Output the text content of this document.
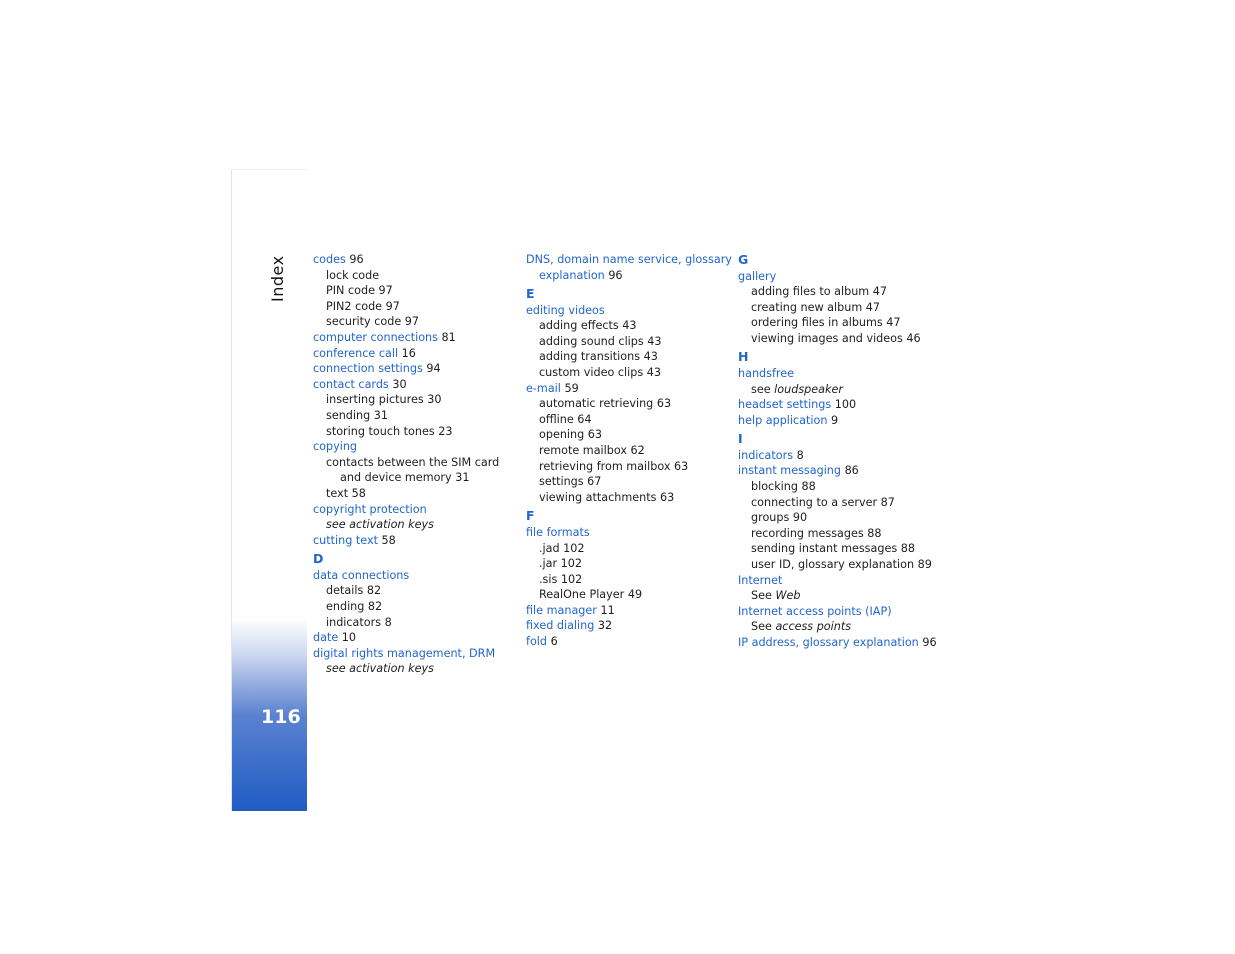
Index
116
codes 96
lock code
PIN code 97
PIN2 code 97
security code 97
computer connections 81
conference call 16
connection settings 94
contact cards 30
inserting pictures 30
sending 31
storing touch tones 23
copying
contacts between the SIM card
and device memory 31
text 58
copyright protection
see activation keys
cutting text 58
D
data connections
details 82
ending 82
indicators 8
date 10
digital rights management, DRM
see activation keys
DNS, domain name service, glossary
explanation 96
E
editing videos
adding effects 43
adding sound clips 43
adding transitions 43
custom video clips 43
e-mail 59
automatic retrieving 63
offline 64
opening 63
remote mailbox 62
retrieving from mailbox 63
settings 67
viewing attachments 63
F
file formats
.jad 102
.jar 102
.sis 102
RealOne Player 49
file manager 11
fixed dialing 32
fold 6
G
gallery
adding files to album 47
creating new album 47
ordering files in albums 47
viewing images and videos 46
H
handsfree
see loudspeaker
headset settings 100
help application 9
I
indicators 8
instant messaging 86
blocking 88
connecting to a server 87
groups 90
recording messages 88
sending instant messages 88
user ID, glossary explanation 89
Internet
See Web
Internet access points (IAP)
See access points
IP address, glossary explanation 96
